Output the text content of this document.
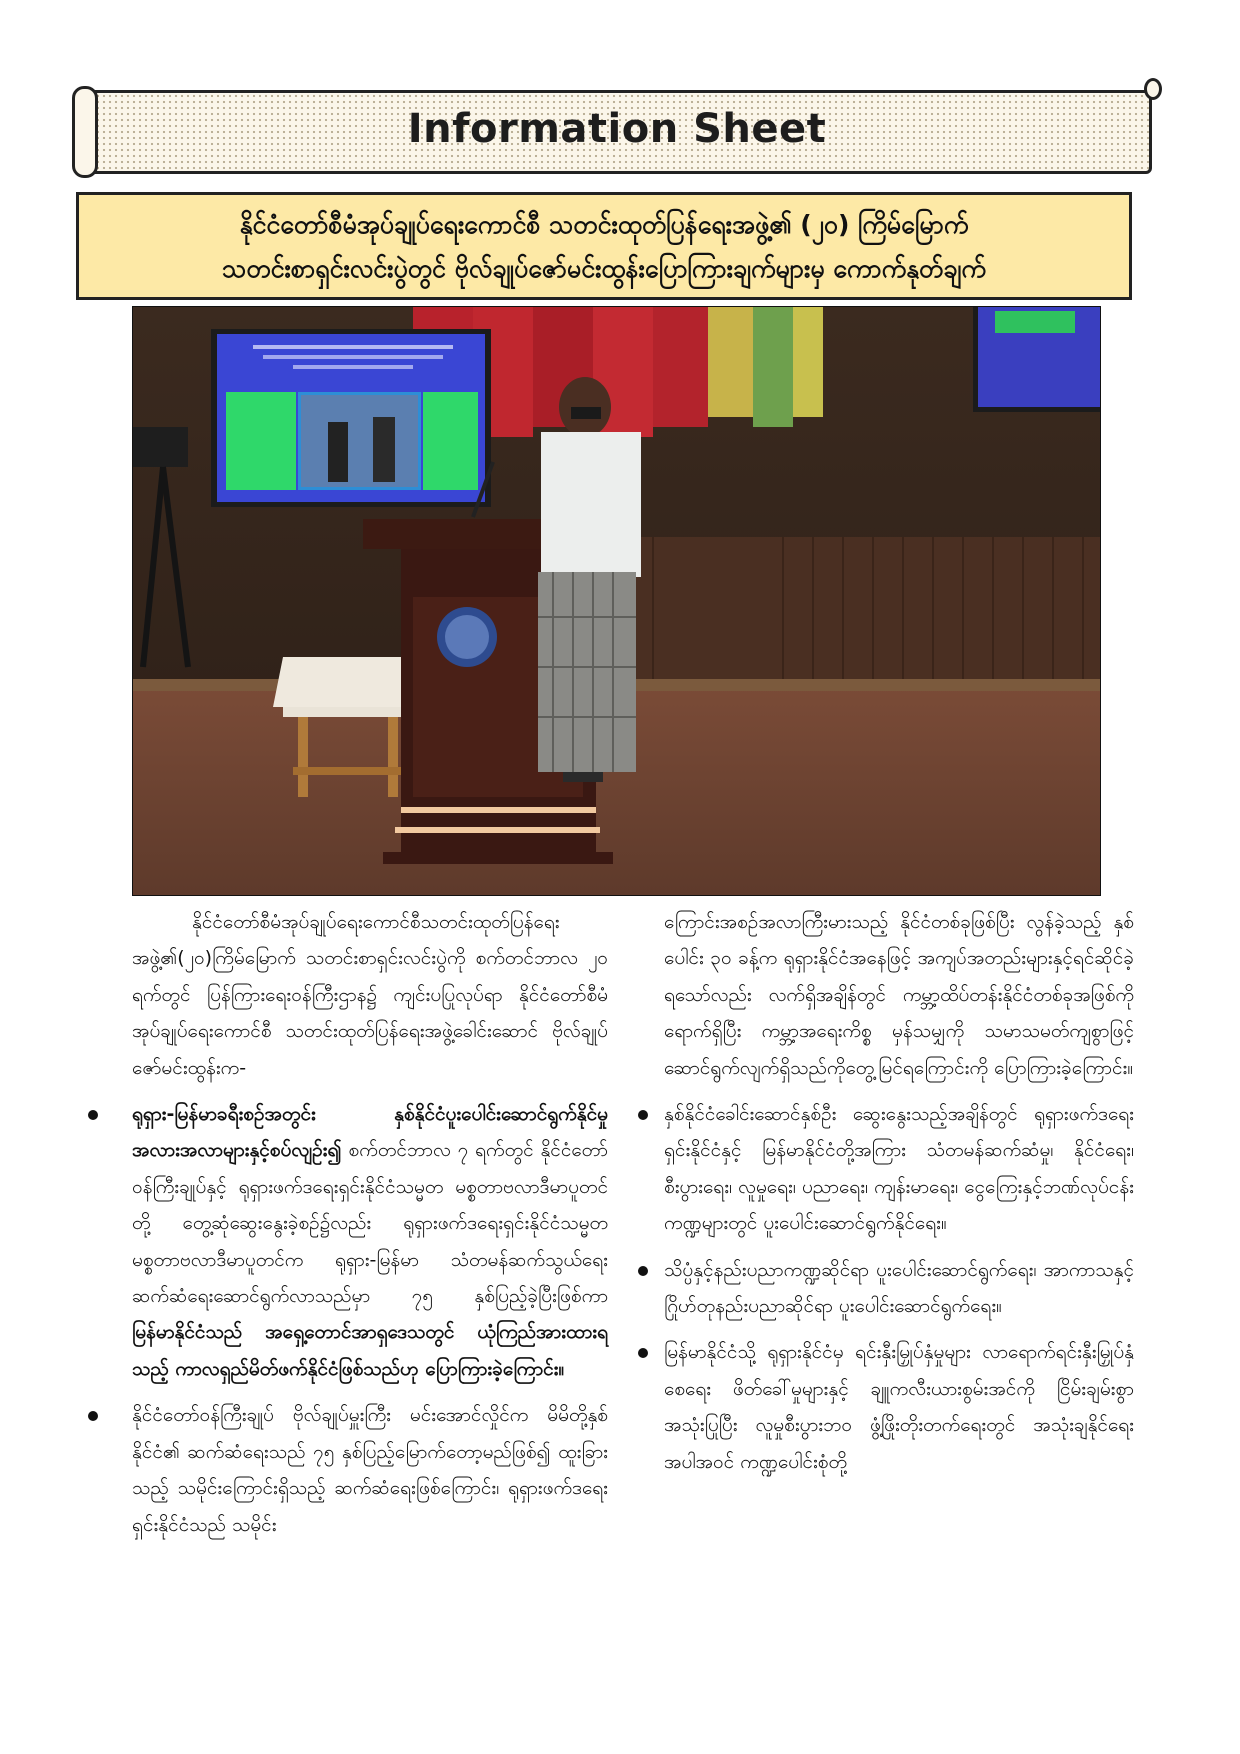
Information Sheet

နိုင်ငံတော်စီမံအုပ်ချုပ်ရေးကောင်စီ သတင်းထုတ်ပြန်ရေးအဖွဲ့၏ (၂၀) ကြိမ်မြောက်

သတင်းစာရှင်းလင်းပွဲတွင် ဗိုလ်ချုပ်ဇော်မင်းထွန်းပြောကြားချက်များမှ ကောက်နုတ်ချက်

နိုင်ငံတော်စီမံအုပ်ချုပ်ရေးကောင်စီသတင်းထုတ်ပြန်ရေးအဖွဲ့၏(၂၀)ကြိမ်မြောက် သတင်းစာရှင်းလင်းပွဲကို စက်တင်ဘာလ ၂၀ ရက်တွင် ပြန်ကြားရေးဝန်ကြီးဌာန၌ ကျင်းပပြုလုပ်ရာ နိုင်ငံတော်စီမံအုပ်ချုပ်ရေးကောင်စီ သတင်းထုတ်ပြန်ရေးအဖွဲ့ခေါင်းဆောင် ဗိုလ်ချုပ်ဇော်မင်းထွန်းက-

ရုရှား-မြန်မာခရီးစဉ်အတွင်း နှစ်နိုင်ငံပူးပေါင်းဆောင်ရွက်နိုင်မှု အလားအလာများနှင့်စပ်လျဉ်း၍ စက်တင်ဘာလ ၇ ရက်တွင် နိုင်ငံတော်ဝန်ကြီးချုပ်နှင့် ရုရှားဖက်ဒရေးရှင်းနိုင်ငံသမ္မတ မစ္စတာဗလာဒီမာပူတင်တို့ တွေ့ဆုံဆွေးနွေးခဲ့စဉ်၌လည်း ရုရှားဖက်ဒရေးရှင်းနိုင်ငံသမ္မတ မစ္စတာဗလာဒီမာပူတင်က ရုရှား-မြန်မာ သံတမန်ဆက်သွယ်ရေးဆက်ဆံရေးဆောင်ရွက်လာသည်မှာ ၇၅ နှစ်ပြည့်ခဲ့ပြီးဖြစ်ကာ မြန်မာနိုင်ငံသည် အရှေ့တောင်အာရှဒေသတွင် ယုံကြည်အားထားရသည့် ကာလရှည်မိတ်ဖက်နိုင်ငံဖြစ်သည်ဟု ပြောကြားခဲ့ကြောင်း။
နိုင်ငံတော်ဝန်ကြီးချုပ် ဗိုလ်ချုပ်မှူးကြီး မင်းအောင်လှိုင်က မိမိတို့နှစ်နိုင်ငံ၏ ဆက်ဆံရေးသည် ၇၅ နှစ်ပြည့်မြောက်တော့မည်ဖြစ်၍ ထူးခြားသည့် သမိုင်းကြောင်းရှိသည့် ဆက်ဆံရေးဖြစ်ကြောင်း၊ ရုရှားဖက်ဒရေးရှင်းနိုင်ငံသည် သမိုင်း

ကြောင်းအစဉ်အလာကြီးမားသည့် နိုင်ငံတစ်ခုဖြစ်ပြီး လွန်ခဲ့သည့် နှစ်ပေါင်း ၃၀ ခန့်က ရုရှားနိုင်ငံအနေဖြင့် အကျပ်အတည်းများနှင့်ရင်ဆိုင်ခဲ့ရသော်လည်း လက်ရှိအချိန်တွင် ကမ္ဘာ့ထိပ်တန်းနိုင်ငံတစ်ခုအဖြစ်ကို ရောက်ရှိပြီး ကမ္ဘာ့အရေးကိစ္စ မှန်သမျှကို သမာသမတ်ကျစွာဖြင့် ဆောင်ရွက်လျက်ရှိသည်ကိုတွေ့မြင်ရကြောင်းကို ပြောကြားခဲ့ကြောင်း။

နှစ်နိုင်ငံခေါင်းဆောင်နှစ်ဦး ဆွေးနွေးသည့်အချိန်တွင် ရုရှားဖက်ဒရေးရှင်းနိုင်ငံနှင့် မြန်မာနိုင်ငံတို့အကြား သံတမန်ဆက်ဆံမှု၊ နိုင်ငံရေး၊ စီးပွားရေး၊ လူမှုရေး၊ ပညာရေး၊ ကျန်းမာရေး၊ ငွေကြေးနှင့်ဘဏ်လုပ်ငန်းကဏ္ဍများတွင် ပူးပေါင်းဆောင်ရွက်နိုင်ရေး။
သိပ္ပံနှင့်နည်းပညာကဏ္ဍဆိုင်ရာ ပူးပေါင်းဆောင်ရွက်ရေး၊ အာကာသနှင့် ဂြိုဟ်တုနည်းပညာဆိုင်ရာ ပူးပေါင်းဆောင်ရွက်ရေး။
မြန်မာနိုင်ငံသို့ ရုရှားနိုင်ငံမှ ရင်းနှီးမြှုပ်နှံမှုများ လာရောက်ရင်းနှီးမြှုပ်နှံစေရေး ဖိတ်ခေါ်မှုများနှင့် ချူကလီးယားစွမ်းအင်ကို ငြိမ်းချမ်းစွာအသုံးပြုပြီး လူမှုစီးပွားဘဝ ဖွံ့ဖြိုးတိုးတက်ရေးတွင် အသုံးချနိုင်ရေးအပါအဝင် ကဏ္ဍပေါင်းစုံတို့
